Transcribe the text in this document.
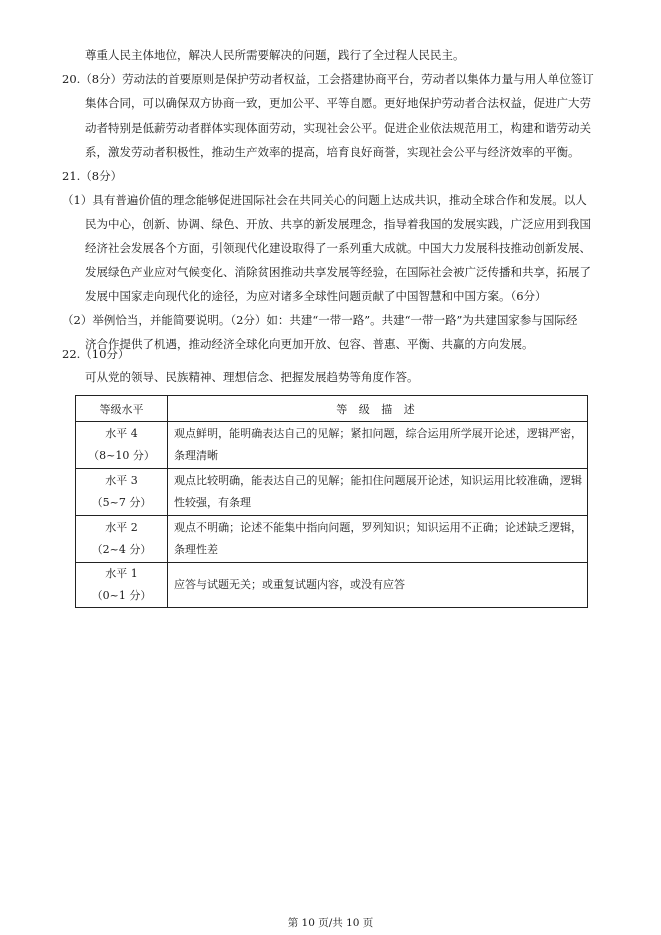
尊重人民主体地位，解决人民所需要解决的问题，践行了全过程人民民主。
20.（8分）劳动法的首要原则是保护劳动者权益，工会搭建协商平台，劳动者以集体力量与用人单位签订
集体合同，可以确保双方协商一致，更加公平、平等自愿。更好地保护劳动者合法权益，促进广大劳
动者特别是低薪劳动者群体实现体面劳动，实现社会公平。促进企业依法规范用工，构建和谐劳动关
系，激发劳动者积极性，推动生产效率的提高，培育良好商誉，实现社会公平与经济效率的平衡。
21.（8分）
（1）具有普遍价值的理念能够促进国际社会在共同关心的问题上达成共识，推动全球合作和发展。以人
民为中心，创新、协调、绿色、开放、共享的新发展理念，指导着我国的发展实践，广泛应用到我国
经济社会发展各个方面，引领现代化建设取得了一系列重大成就。中国大力发展科技推动创新发展、
发展绿色产业应对气候变化、消除贫困推动共享发展等经验，在国际社会被广泛传播和共享，拓展了
发展中国家走向现代化的途径，为应对诸多全球性问题贡献了中国智慧和中国方案。（6分）
（2）举例恰当，并能简要说明。（2分）如：共建“一带一路”。共建“一带一路”为共建国家参与国际经
济合作提供了机遇，推动经济全球化向更加开放、包容、普惠、平衡、共赢的方向发展。
22.（10分）
可从党的领导、民族精神、理想信念、把握发展趋势等角度作答。
等级水平	等 级 描 述

水平 4
（8~10 分）	观点鲜明，能明确表达自己的见解；紧扣问题，综合运用所学展开论述，逻辑严密，条理清晰

水平 3
（5~7 分）	观点比较明确，能表达自己的见解；能扣住问题展开论述，知识运用比较准确，逻辑性较强，有条理

水平 2
（2~4 分）	观点不明确；论述不能集中指向问题，罗列知识；知识运用不正确；论述缺乏逻辑，条理性差

水平 1
（0~1 分）	应答与试题无关；或重复试题内容，或没有应答
第 10 页/共 10 页
